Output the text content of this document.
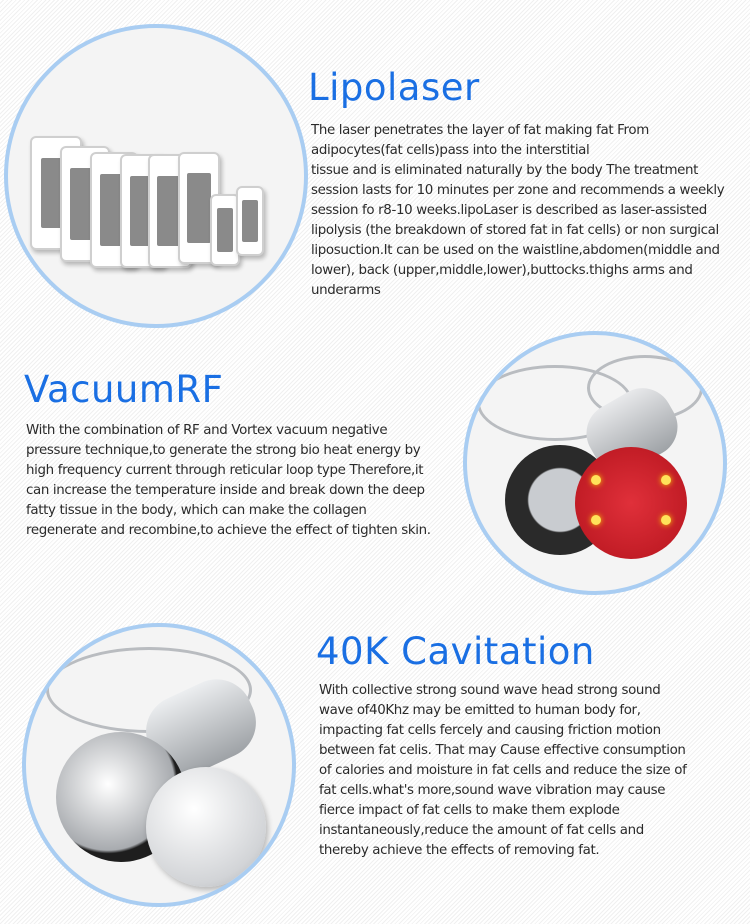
Lipolaser
The laser penetrates the layer of fat making fat From
adipocytes(fat cells)pass into the interstitial
tissue and is eliminated naturally by the body The treatment
session lasts for 10 minutes per zone and recommends a weekly
session fo r8-10 weeks.lipoLaser is described as laser-assisted
lipolysis (the breakdown of stored fat in fat cells) or non surgical
liposuction.It can be used on the waistline,abdomen(middle and
lower), back (upper,middle,lower),buttocks.thighs arms and
underarms
VacuumRF
With the combination of RF and Vortex vacuum negative
pressure technique,to generate the strong bio heat energy by
high frequency current through reticular loop type Therefore,it
can increase the temperature inside and break down the deep
fatty tissue in the body, which can make the collagen
regenerate and recombine,to achieve the effect of tighten skin.
40K Cavitation
With collective strong sound wave head strong sound
wave of40Khz may be emitted to human body for,
impacting fat cells fercely and causing friction motion
between fat celis. That may Cause effective consumption
of calories and moisture in fat cells and reduce the size of
fat cells.what's more,sound wave vibration may cause
fierce impact of fat cells to make them explode
instantaneously,reduce the amount of fat cells and
thereby achieve the effects of removing fat.
